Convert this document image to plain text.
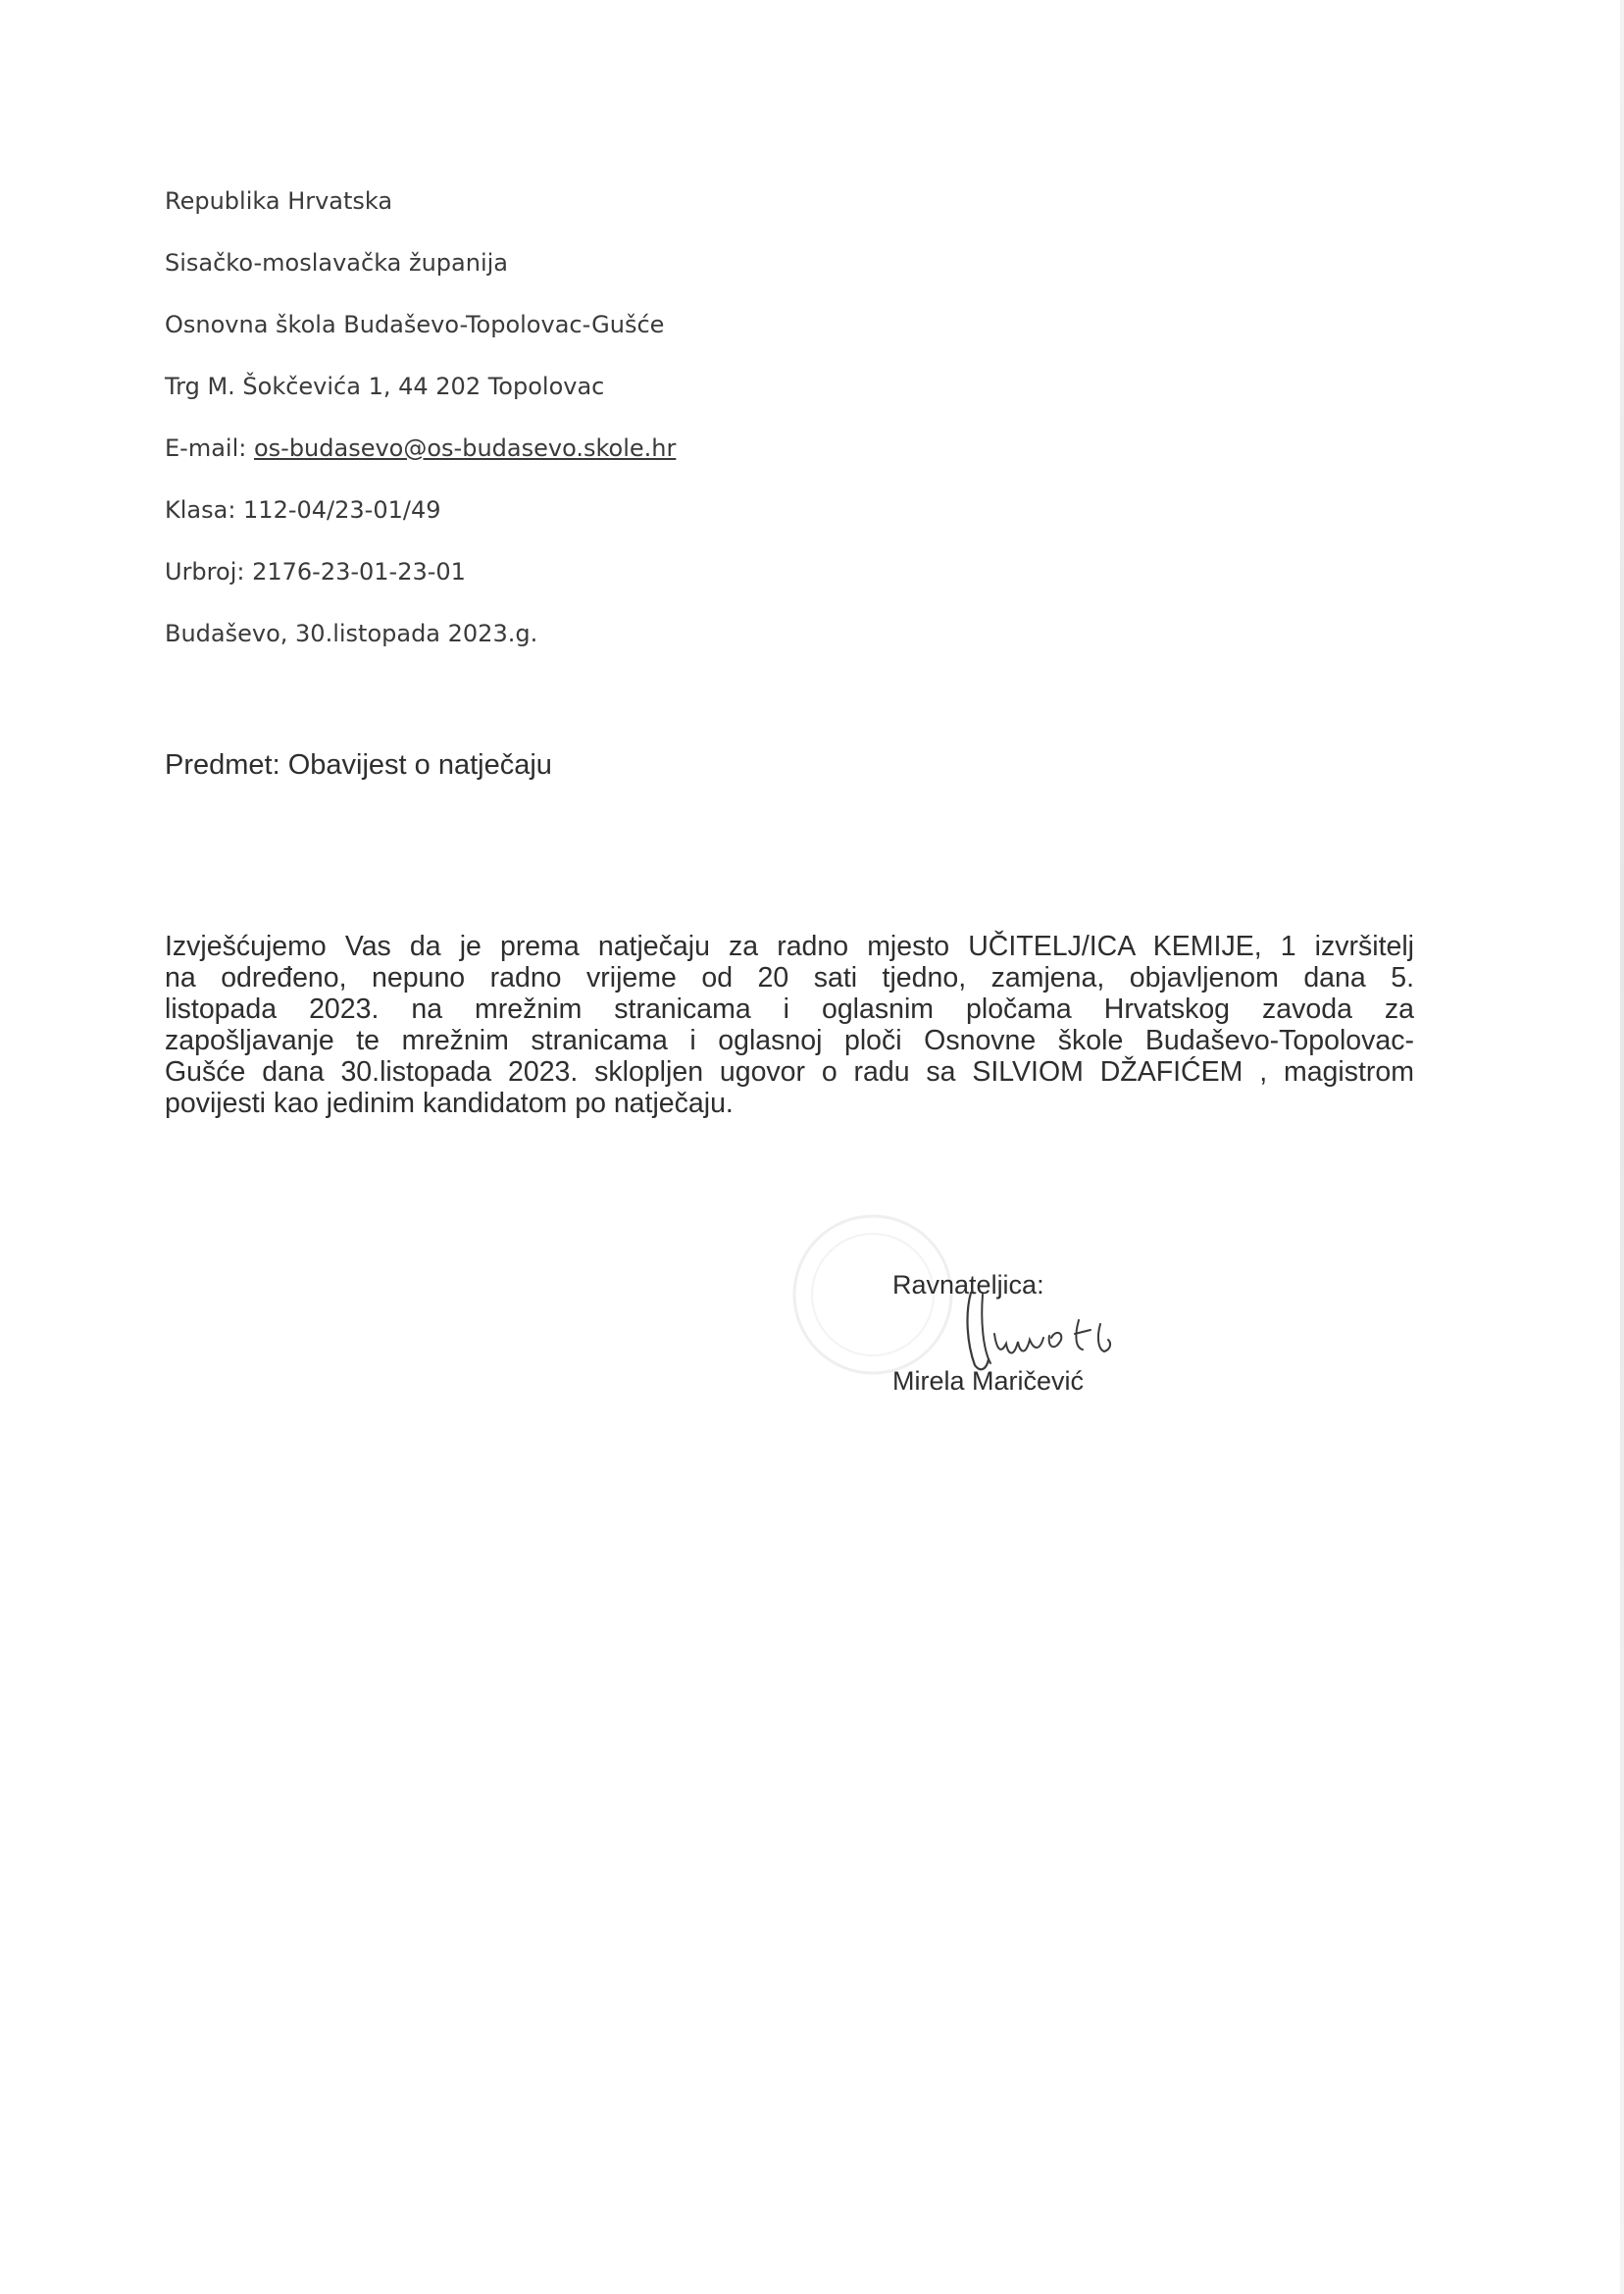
Republika Hrvatska
Sisačko-moslavačka županija
Osnovna škola Budaševo-Topolovac-Gušće
Trg M. Šokčevića 1, 44 202 Topolovac
E-mail: os-budasevo@os-budasevo.skole.hr
Klasa: 112-04/23-01/49
Urbroj: 2176-23-01-23-01
Budaševo, 30.listopada 2023.g.
Predmet: Obavijest o natječaju
Izvješćujemo Vas da je prema natječaju za radno mjesto UČITELJ/ICA KEMIJE, 1 izvršitelj
na određeno, nepuno radno vrijeme od 20 sati tjedno, zamjena, objavljenom dana 5.
listopada 2023. na mrežnim stranicama i oglasnim pločama Hrvatskog zavoda za
zapošljavanje te mrežnim stranicama i oglasnoj ploči Osnovne škole Budaševo-Topolovac-
Gušće dana 30.listopada 2023. sklopljen ugovor o radu sa SILVIOM DŽAFIĆEM , magistrom
povijesti kao jedinim kandidatom po natječaju.
Ravnateljica:
Mirela Maričević
